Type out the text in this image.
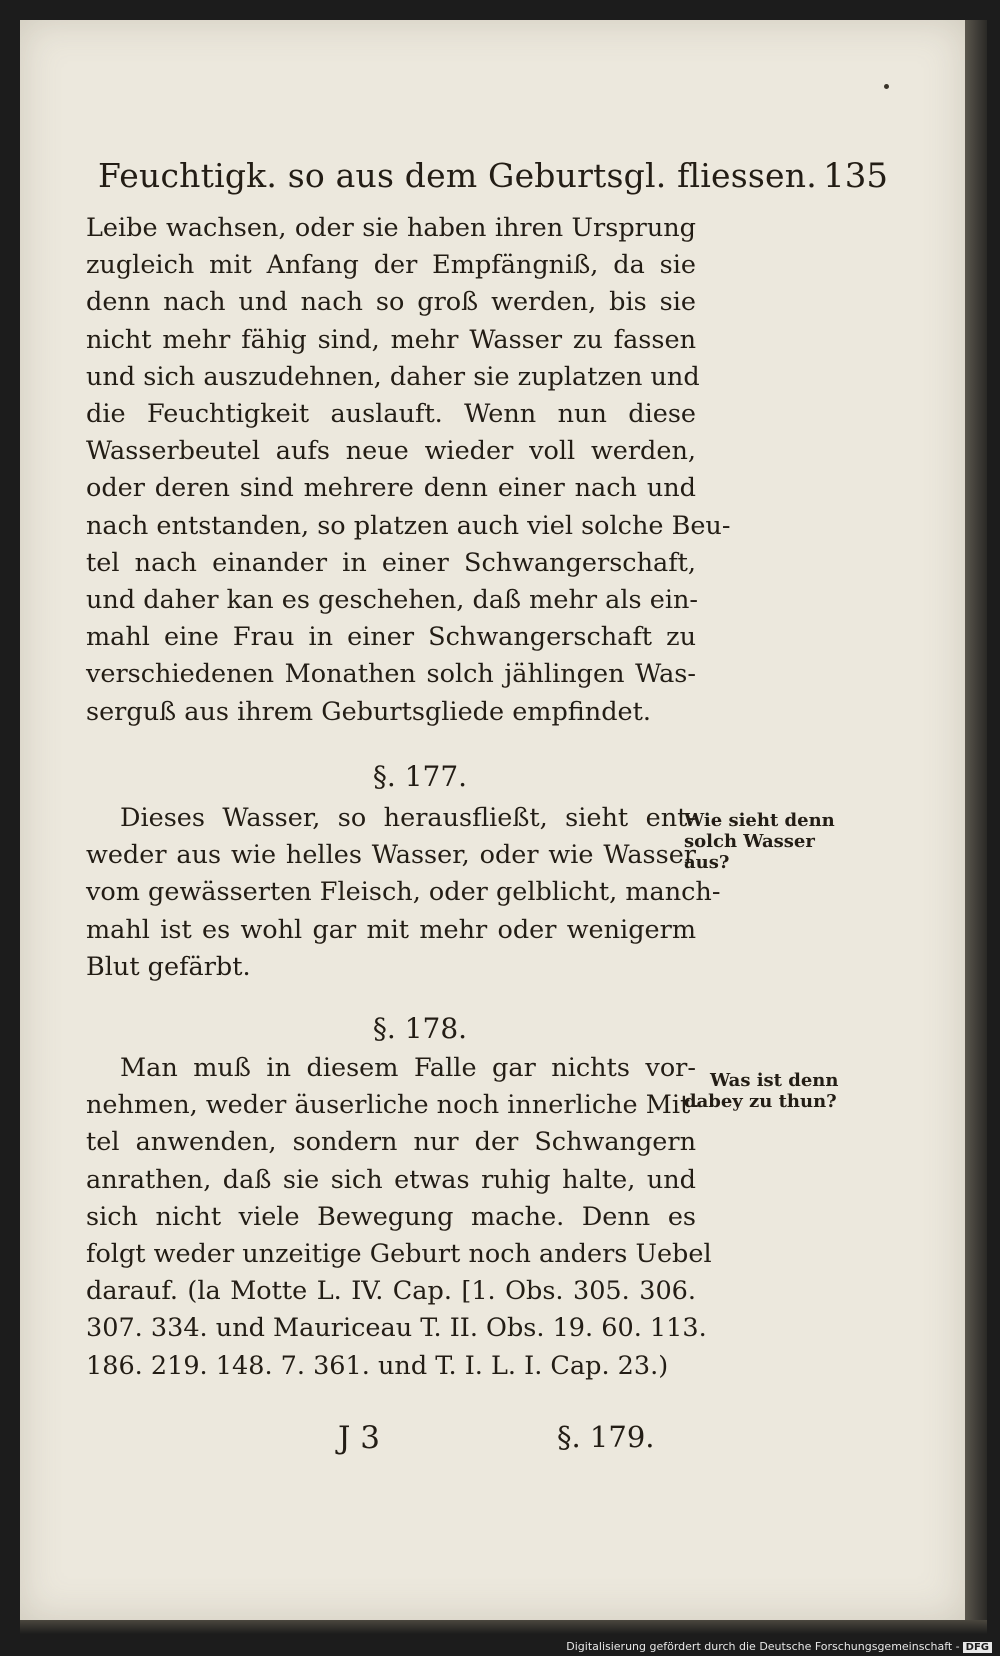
Feuchtigk. so aus dem Geburtsgl. fliessen. 135
Leibe wachsen, oder sie haben ihren Ursprung
zugleich mit Anfang der Empfängniß, da sie
denn nach und nach so groß werden, bis sie
nicht mehr fähig sind, mehr Wasser zu fassen
und sich auszudehnen, daher sie zuplatzen und
die Feuchtigkeit auslauft. Wenn nun diese
Wasserbeutel aufs neue wieder voll werden,
oder deren sind mehrere denn einer nach und
nach entstanden, so platzen auch viel solche Beu-
tel nach einander in einer Schwangerschaft,
und daher kan es geschehen, daß mehr als ein-
mahl eine Frau in einer Schwangerschaft zu
verschiedenen Monathen solch jählingen Was-
serguß aus ihrem Geburtsgliede empfindet.
§. 177.
Dieses Wasser, so herausfließt, sieht ent-
weder aus wie helles Wasser, oder wie Wasser
vom gewässerten Fleisch, oder gelblicht, manch-
mahl ist es wohl gar mit mehr oder wenigerm
Blut gefärbt.
Wie sieht denn
solch Wasser
aus?
§. 178.
Man muß in diesem Falle gar nichts vor-
nehmen, weder äuserliche noch innerliche Mit-
tel anwenden, sondern nur der Schwangern
anrathen, daß sie sich etwas ruhig halte, und
sich nicht viele Bewegung mache. Denn es
folgt weder unzeitige Geburt noch anders Uebel
darauf. (la Motte L. IV. Cap. [1. Obs. 305. 306.
307. 334. und Mauriceau T. II. Obs. 19. 60. 113.
186. 219. 148. 7. 361. und T. I. L. I. Cap. 23.)
Was ist denn
dabey zu thun?
J 3	§. 179.
Digitalisierung gefördert durch die Deutsche Forschungsgemeinschaft - DFG
